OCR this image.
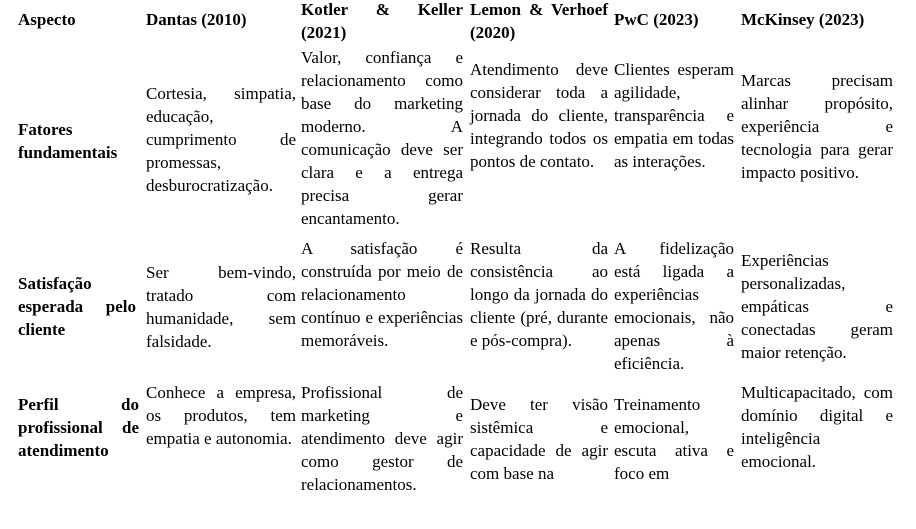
Aspecto	Dantas (2010)
Kotler & Keller (2021)
Lemon & Verhoef (2020)
PwC (2023)	McKinsey (2023)
Fatores fundamentais
Cortesia, simpatia, educação, cumprimento de promessas, desburocratização.
Valor, confiança e relacionamento como base do marketing moderno. A comunicação deve ser clara e a entrega precisa gerar encantamento.
Atendimento deve considerar toda a jornada do cliente, integrando todos os pontos de contato.
Clientes esperam agilidade, transparência e empatia em todas as interações.
Marcas precisam alinhar propósito, experiência e tecnologia para gerar impacto positivo.
Satisfação esperada pelo cliente
Ser bem-vindo, tratado com humanidade, sem falsidade.
A satisfação é construída por meio de relacionamento contínuo e experiências memoráveis.
Resulta da consistência ao longo da jornada do cliente (pré, durante e pós-compra).
A fidelização está ligada a experiências emocionais, não apenas à eficiência.
Experiências personalizadas, empáticas e conectadas geram maior retenção.
Perfil do profissional de atendimento
Conhece a empresa, os produtos, tem empatia e autonomia.
Profissional de marketing e atendimento deve agir como gestor de relacionamentos.
Deve ter visão sistêmica e capacidade de agir com base na
Treinamento emocional, escuta ativa e foco em
Multicapacitado, com domínio digital e inteligência emocional.
